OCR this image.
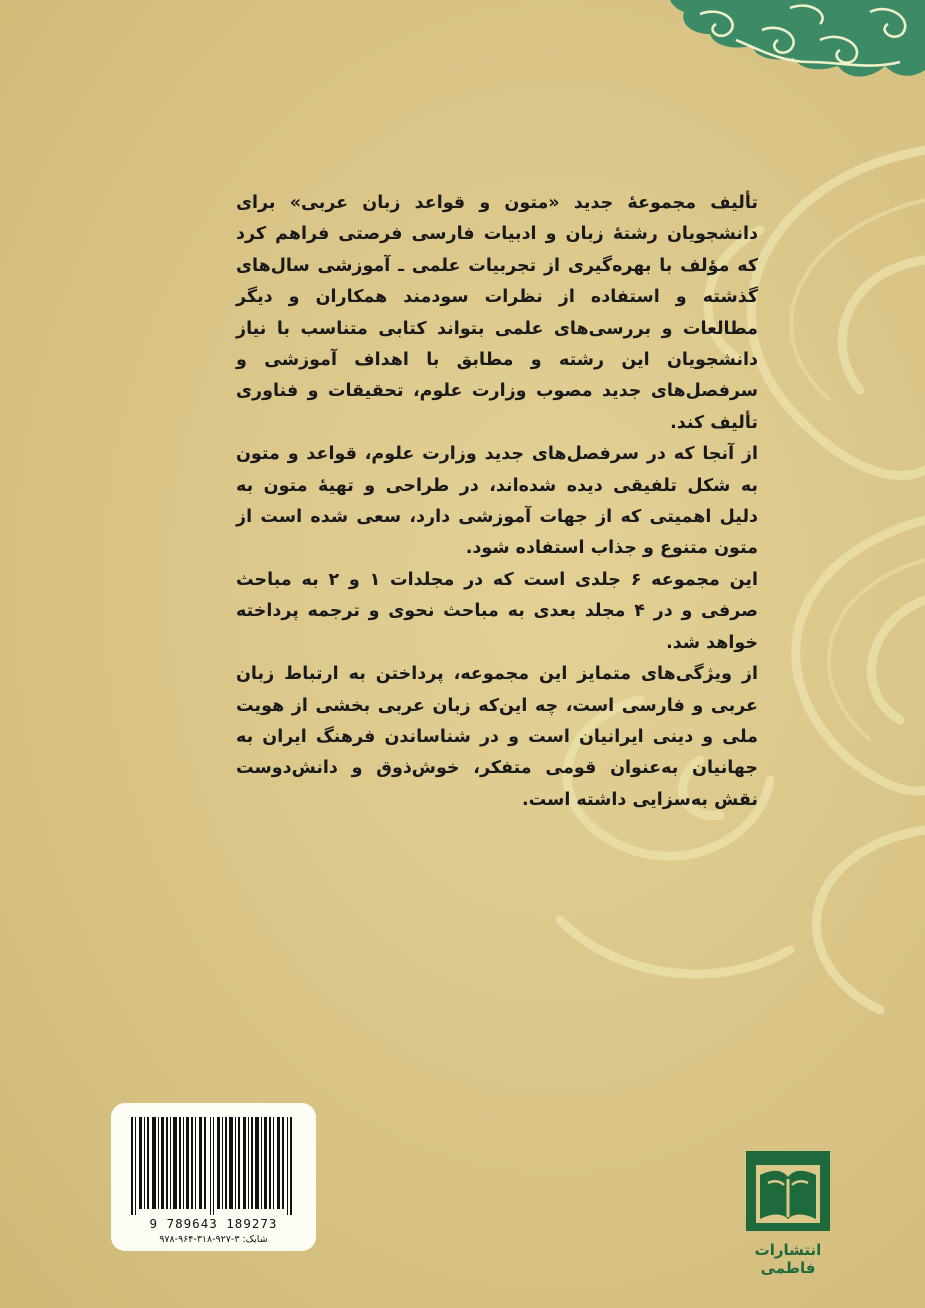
تألیف مجموعهٔ جدید «متون و قواعد زبان عربی» برای دانشجویان رشتهٔ زبان و ادبیات فارسی فرصتی فراهم کرد که مؤلف با بهره‌گیری از تجربیات علمی ـ آموزشی سال‌های گذشته و استفاده از نظرات سودمند همکاران و دیگر مطالعات و بررسی‌های علمی بتواند کتابی متناسب با نیاز دانشجویان این رشته و مطابق با اهداف آموزشی و سرفصل‌های جدید مصوب وزارت علوم، تحقیقات و فناوری تألیف کند.

از آنجا که در سرفصل‌های جدید وزارت علوم، قواعد و متون به شکل تلفیقی دیده شده‌اند، در طراحی و تهیهٔ متون به دلیل اهمیتی که از جهات آموزشی دارد، سعی شده است از متون متنوع و جذاب استفاده شود.

این مجموعه ۶ جلدی است که در مجلدات ۱ و ۲ به مباحث صرفی و در ۴ مجلد بعدی به مباحث نحوی و ترجمه پرداخته خواهد شد.

از ویژگی‌های متمایز این مجموعه، پرداختن به ارتباط زبان عربی و فارسی است، چه این‌که زبان عربی بخشی از هویت ملی و دینی ایرانیان است و در شناساندن فرهنگ ایران به جهانیان به‌عنوان قومی متفکر، خوش‌ذوق و دانش‌دوست نقش به‌سزایی داشته است.

9 789643 189273
شابک: ۳-۹۲۷-۳۱۸-۹۶۴-۹۷۸
انتشارات فاطمی
